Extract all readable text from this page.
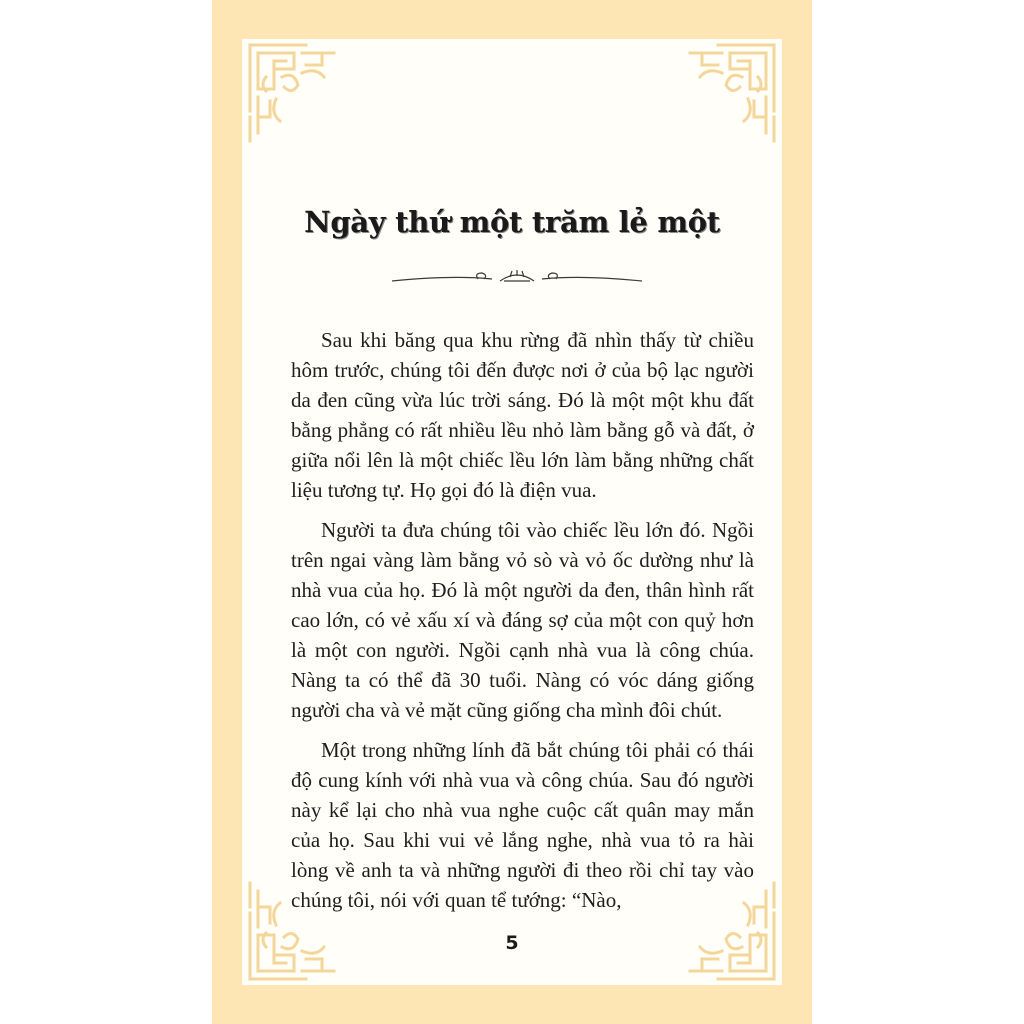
Ngày thứ một trăm lẻ một

Sau khi băng qua khu rừng đã nhìn thấy từ chiều hôm trước, chúng tôi đến được nơi ở của bộ lạc người da đen cũng vừa lúc trời sáng. Đó là một một khu đất bằng phẳng có rất nhiều lều nhỏ làm bằng gỗ và đất, ở giữa nổi lên là một chiếc lều lớn làm bằng những chất liệu tương tự. Họ gọi đó là điện vua.

Người ta đưa chúng tôi vào chiếc lều lớn đó. Ngồi trên ngai vàng làm bằng vỏ sò và vỏ ốc dường như là nhà vua của họ. Đó là một người da đen, thân hình rất cao lớn, có vẻ xấu xí và đáng sợ của một con quỷ hơn là một con người. Ngồi cạnh nhà vua là công chúa. Nàng ta có thể đã 30 tuổi. Nàng có vóc dáng giống người cha và vẻ mặt cũng giống cha mình đôi chút.

Một trong những lính đã bắt chúng tôi phải có thái độ cung kính với nhà vua và công chúa. Sau đó người này kể lại cho nhà vua nghe cuộc cất quân may mắn của họ. Sau khi vui vẻ lắng nghe, nhà vua tỏ ra hài lòng về anh ta và những người đi theo rồi chỉ tay vào chúng tôi, nói với quan tể tướng: “Nào,

5
